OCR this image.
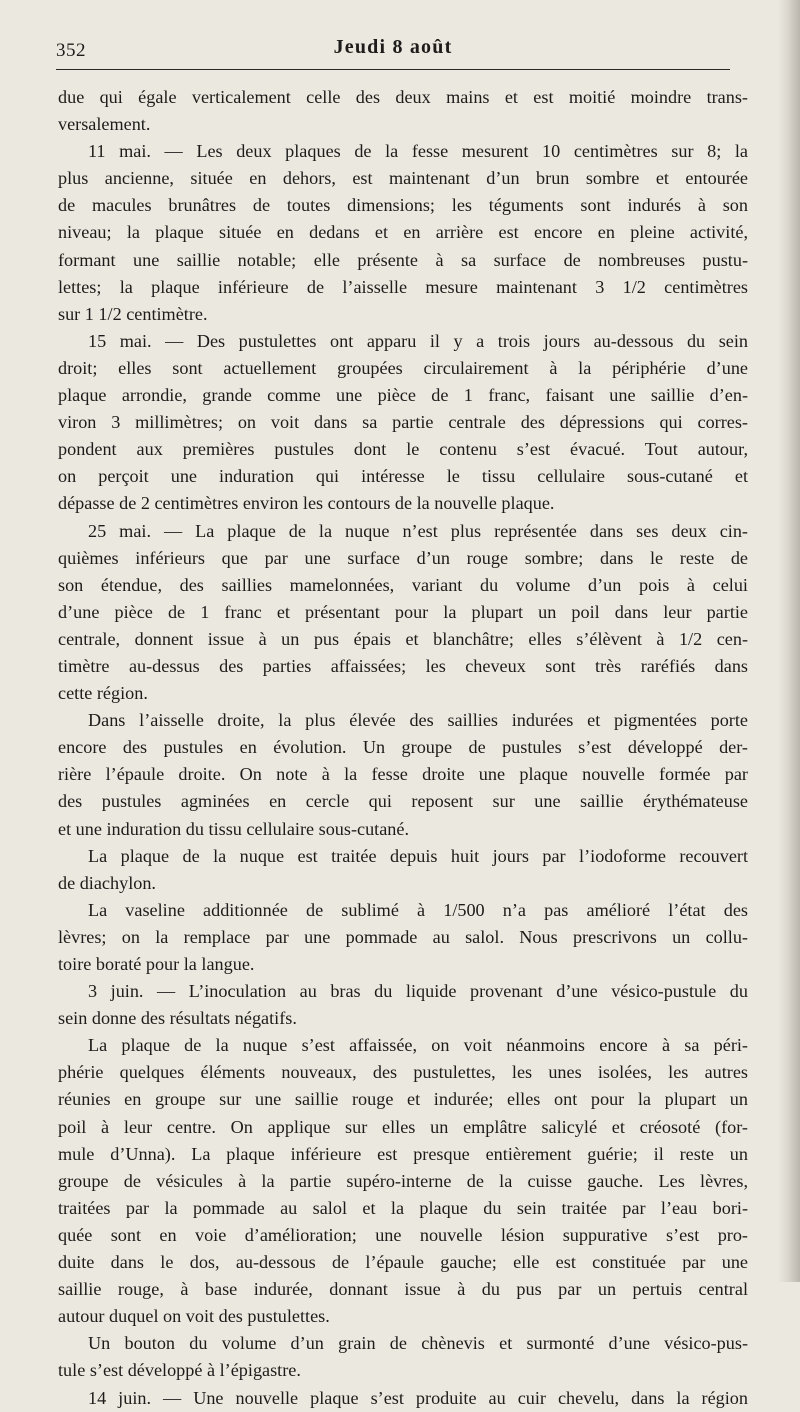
352	Jeudi 8 août
due qui égale verticalement celle des deux mains et est moitié moindre trans-
versalement.
11 mai. — Les deux plaques de la fesse mesurent 10 centimètres sur 8; la
plus ancienne, située en dehors, est maintenant d’un brun sombre et entourée
de macules brunâtres de toutes dimensions; les téguments sont indurés à son
niveau; la plaque située en dedans et en arrière est encore en pleine activité,
formant une saillie notable; elle présente à sa surface de nombreuses pustu-
lettes; la plaque inférieure de l’aisselle mesure maintenant 3 1/2 centimètres
sur 1 1/2 centimètre.
15 mai. — Des pustulettes ont apparu il y a trois jours au-dessous du sein
droit; elles sont actuellement groupées circulairement à la périphérie d’une
plaque arrondie, grande comme une pièce de 1 franc, faisant une saillie d’en-
viron 3 millimètres; on voit dans sa partie centrale des dépressions qui corres-
pondent aux premières pustules dont le contenu s’est évacué. Tout autour,
on perçoit une induration qui intéresse le tissu cellulaire sous-cutané et
dépasse de 2 centimètres environ les contours de la nouvelle plaque.
25 mai. — La plaque de la nuque n’est plus représentée dans ses deux cin-
quièmes inférieurs que par une surface d’un rouge sombre; dans le reste de
son étendue, des saillies mamelonnées, variant du volume d’un pois à celui
d’une pièce de 1 franc et présentant pour la plupart un poil dans leur partie
centrale, donnent issue à un pus épais et blanchâtre; elles s’élèvent à 1/2 cen-
timètre au-dessus des parties affaissées; les cheveux sont très raréfiés dans
cette région.
Dans l’aisselle droite, la plus élevée des saillies indurées et pigmentées porte
encore des pustules en évolution. Un groupe de pustules s’est développé der-
rière l’épaule droite. On note à la fesse droite une plaque nouvelle formée par
des pustules agminées en cercle qui reposent sur une saillie érythémateuse
et une induration du tissu cellulaire sous-cutané.
La plaque de la nuque est traitée depuis huit jours par l’iodoforme recouvert
de diachylon.
La vaseline additionnée de sublimé à 1/500 n’a pas amélioré l’état des
lèvres; on la remplace par une pommade au salol. Nous prescrivons un collu-
toire boraté pour la langue.
3 juin. — L’inoculation au bras du liquide provenant d’une vésico-pustule du
sein donne des résultats négatifs.
La plaque de la nuque s’est affaissée, on voit néanmoins encore à sa péri-
phérie quelques éléments nouveaux, des pustulettes, les unes isolées, les autres
réunies en groupe sur une saillie rouge et indurée; elles ont pour la plupart un
poil à leur centre. On applique sur elles un emplâtre salicylé et créosoté (for-
mule d’Unna). La plaque inférieure est presque entièrement guérie; il reste un
groupe de vésicules à la partie supéro-interne de la cuisse gauche. Les lèvres,
traitées par la pommade au salol et la plaque du sein traitée par l’eau bori-
quée sont en voie d’amélioration; une nouvelle lésion suppurative s’est pro-
duite dans le dos, au-dessous de l’épaule gauche; elle est constituée par une
saillie rouge, à base indurée, donnant issue à du pus par un pertuis central
autour duquel on voit des pustulettes.
Un bouton du volume d’un grain de chènevis et surmonté d’une vésico-pus-
tule s’est développé à l’épigastre.
14 juin. — Une nouvelle plaque s’est produite au cuir chevelu, dans la région
